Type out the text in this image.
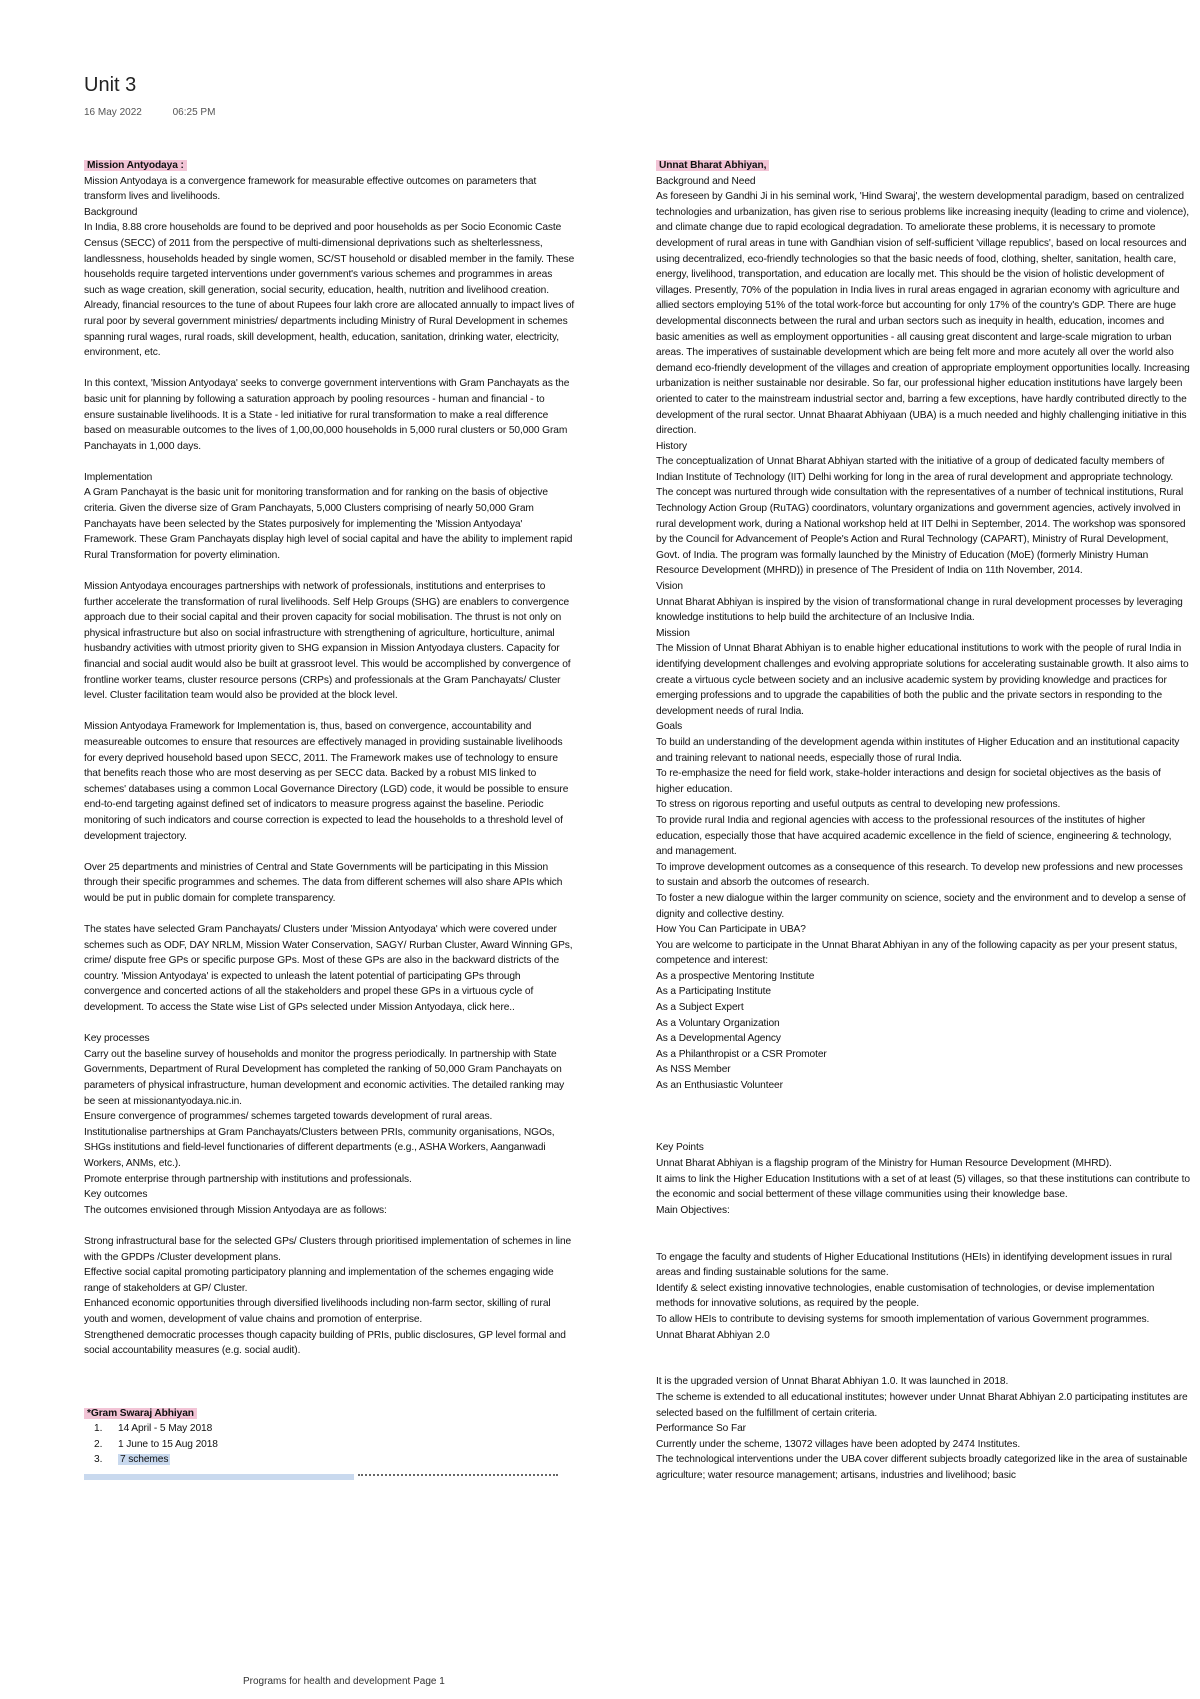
Unit 3
16 May 2022	06:25 PM

Mission Antyodaya :

Mission Antyodaya is a convergence framework for measurable effective outcomes on parameters that transform lives and livelihoods.

Background

In India, 8.88 crore households are found to be deprived and poor households as per Socio Economic Caste Census (SECC) of 2011 from the perspective of multi-dimensional deprivations such as shelterlessness, landlessness, households headed by single women, SC/ST household or disabled member in the family. These households require targeted interventions under government's various schemes and programmes in areas such as wage creation, skill generation, social security, education, health, nutrition and livelihood creation. Already, financial resources to the tune of about Rupees four lakh crore are allocated annually to impact lives of rural poor by several government ministries/ departments including Ministry of Rural Development in schemes spanning rural wages, rural roads, skill development, health, education, sanitation, drinking water, electricity, environment, etc.

In this context, 'Mission Antyodaya' seeks to converge government interventions with Gram Panchayats as the basic unit for planning by following a saturation approach by pooling resources - human and financial - to ensure sustainable livelihoods. It is a State - led initiative for rural transformation to make a real difference based on measurable outcomes to the lives of 1,00,00,000 households in 5,000 rural clusters or 50,000 Gram Panchayats in 1,000 days.

Implementation

A Gram Panchayat is the basic unit for monitoring transformation and for ranking on the basis of objective criteria. Given the diverse size of Gram Panchayats, 5,000 Clusters comprising of nearly 50,000 Gram Panchayats have been selected by the States purposively for implementing the 'Mission Antyodaya' Framework. These Gram Panchayats display high level of social capital and have the ability to implement rapid Rural Transformation for poverty elimination.

Mission Antyodaya encourages partnerships with network of professionals, institutions and enterprises to further accelerate the transformation of rural livelihoods. Self Help Groups (SHG) are enablers to convergence approach due to their social capital and their proven capacity for social mobilisation. The thrust is not only on physical infrastructure but also on social infrastructure with strengthening of agriculture, horticulture, animal husbandry activities with utmost priority given to SHG expansion in Mission Antyodaya clusters. Capacity for financial and social audit would also be built at grassroot level. This would be accomplished by convergence of frontline worker teams, cluster resource persons (CRPs) and professionals at the Gram Panchayats/ Cluster level. Cluster facilitation team would also be provided at the block level.

Mission Antyodaya Framework for Implementation is, thus, based on convergence, accountability and measureable outcomes to ensure that resources are effectively managed in providing sustainable livelihoods for every deprived household based upon SECC, 2011. The Framework makes use of technology to ensure that benefits reach those who are most deserving as per SECC data. Backed by a robust MIS linked to schemes' databases using a common Local Governance Directory (LGD) code, it would be possible to ensure end-to-end targeting against defined set of indicators to measure progress against the baseline. Periodic monitoring of such indicators and course correction is expected to lead the households to a threshold level of development trajectory.

Over 25 departments and ministries of Central and State Governments will be participating in this Mission through their specific programmes and schemes. The data from different schemes will also share APIs which would be put in public domain for complete transparency.

The states have selected Gram Panchayats/ Clusters under 'Mission Antyodaya' which were covered under schemes such as ODF, DAY NRLM, Mission Water Conservation, SAGY/ Rurban Cluster, Award Winning GPs, crime/ dispute free GPs or specific purpose GPs. Most of these GPs are also in the backward districts of the country. 'Mission Antyodaya' is expected to unleash the latent potential of participating GPs through convergence and concerted actions of all the stakeholders and propel these GPs in a virtuous cycle of development. To access the State wise List of GPs selected under Mission Antyodaya, click here..

Key processes

Carry out the baseline survey of households and monitor the progress periodically. In partnership with State Governments, Department of Rural Development has completed the ranking of 50,000 Gram Panchayats on parameters of physical infrastructure, human development and economic activities. The detailed ranking may be seen at missionantyodaya.nic.in.

Ensure convergence of programmes/ schemes targeted towards development of rural areas.

Institutionalise partnerships at Gram Panchayats/Clusters between PRIs, community organisations, NGOs, SHGs institutions and field-level functionaries of different departments (e.g., ASHA Workers, Aanganwadi Workers, ANMs, etc.).

Promote enterprise through partnership with institutions and professionals.

Key outcomes

The outcomes envisioned through Mission Antyodaya are as follows:

Strong infrastructural base for the selected GPs/ Clusters through prioritised implementation of schemes in line with the GPDPs /Cluster development plans.

Effective social capital promoting participatory planning and implementation of the schemes engaging wide range of stakeholders at GP/ Cluster.

Enhanced economic opportunities through diversified livelihoods including non-farm sector, skilling of rural youth and women, development of value chains and promotion of enterprise.

Strengthened democratic processes though capacity building of PRIs, public disclosures, GP level formal and social accountability measures (e.g. social audit).

*Gram Swaraj Abhiyan

1. 14 April - 5 May 2018
2. 1 June to 15 Aug 2018
3. 7 schemes

Unnat Bharat Abhiyan,

Background and Need

As foreseen by Gandhi Ji in his seminal work, 'Hind Swaraj', the western developmental paradigm, based on centralized technologies and urbanization, has given rise to serious problems like increasing inequity (leading to crime and violence), and climate change due to rapid ecological degradation. To ameliorate these problems, it is necessary to promote development of rural areas in tune with Gandhian vision of self-sufficient 'village republics', based on local resources and using decentralized, eco-friendly technologies so that the basic needs of food, clothing, shelter, sanitation, health care, energy, livelihood, transportation, and education are locally met. This should be the vision of holistic development of villages. Presently, 70% of the population in India lives in rural areas engaged in agrarian economy with agriculture and allied sectors employing 51% of the total work-force but accounting for only 17% of the country's GDP. There are huge developmental disconnects between the rural and urban sectors such as inequity in health, education, incomes and basic amenities as well as employment opportunities - all causing great discontent and large-scale migration to urban areas. The imperatives of sustainable development which are being felt more and more acutely all over the world also demand eco-friendly development of the villages and creation of appropriate employment opportunities locally. Increasing urbanization is neither sustainable nor desirable. So far, our professional higher education institutions have largely been oriented to cater to the mainstream industrial sector and, barring a few exceptions, have hardly contributed directly to the development of the rural sector. Unnat Bhaarat Abhiyaan (UBA) is a much needed and highly challenging initiative in this direction.

History

The conceptualization of Unnat Bharat Abhiyan started with the initiative of a group of dedicated faculty members of Indian Institute of Technology (IIT) Delhi working for long in the area of rural development and appropriate technology. The concept was nurtured through wide consultation with the representatives of a number of technical institutions, Rural Technology Action Group (RuTAG) coordinators, voluntary organizations and government agencies, actively involved in rural development work, during a National workshop held at IIT Delhi in September, 2014. The workshop was sponsored by the Council for Advancement of People's Action and Rural Technology (CAPART), Ministry of Rural Development, Govt. of India. The program was formally launched by the Ministry of Education (MoE) (formerly Ministry Human Resource Development (MHRD)) in presence of The President of India on 11th November, 2014.

Vision

Unnat Bharat Abhiyan is inspired by the vision of transformational change in rural development processes by leveraging knowledge institutions to help build the architecture of an Inclusive India.

Mission

The Mission of Unnat Bharat Abhiyan is to enable higher educational institutions to work with the people of rural India in identifying development challenges and evolving appropriate solutions for accelerating sustainable growth. It also aims to create a virtuous cycle between society and an inclusive academic system by providing knowledge and practices for emerging professions and to upgrade the capabilities of both the public and the private sectors in responding to the development needs of rural India.

Goals

To build an understanding of the development agenda within institutes of Higher Education and an institutional capacity and training relevant to national needs, especially those of rural India.

To re-emphasize the need for field work, stake-holder interactions and design for societal objectives as the basis of higher education.

To stress on rigorous reporting and useful outputs as central to developing new professions.

To provide rural India and regional agencies with access to the professional resources of the institutes of higher education, especially those that have acquired academic excellence in the field of science, engineering & technology, and management.

To improve development outcomes as a consequence of this research. To develop new professions and new processes to sustain and absorb the outcomes of research.

To foster a new dialogue within the larger community on science, society and the environment and to develop a sense of dignity and collective destiny.

How You Can Participate in UBA?

You are welcome to participate in the Unnat Bharat Abhiyan in any of the following capacity as per your present status, competence and interest:

As a prospective Mentoring Institute

As a Participating Institute

As a Subject Expert

As a Voluntary Organization

As a Developmental Agency

As a Philanthropist or a CSR Promoter

As NSS Member

As an Enthusiastic Volunteer

Key Points

Unnat Bharat Abhiyan is a flagship program of the Ministry for Human Resource Development (MHRD).

It aims to link the Higher Education Institutions with a set of at least (5) villages, so that these institutions can contribute to the economic and social betterment of these village communities using their knowledge base.

Main Objectives:

To engage the faculty and students of Higher Educational Institutions (HEIs) in identifying development issues in rural areas and finding sustainable solutions for the same.

Identify & select existing innovative technologies, enable customisation of technologies, or devise implementation methods for innovative solutions, as required by the people.

To allow HEIs to contribute to devising systems for smooth implementation of various Government programmes.

Unnat Bharat Abhiyan 2.0

It is the upgraded version of Unnat Bharat Abhiyan 1.0. It was launched in 2018.

The scheme is extended to all educational institutes; however under Unnat Bharat Abhiyan 2.0 participating institutes are selected based on the fulfillment of certain criteria.

Performance So Far

Currently under the scheme, 13072 villages have been adopted by 2474 Institutes.

The technological interventions under the UBA cover different subjects broadly categorized like in the area of sustainable agriculture; water resource management; artisans, industries and livelihood; basic

Programs for health and development Page 1
